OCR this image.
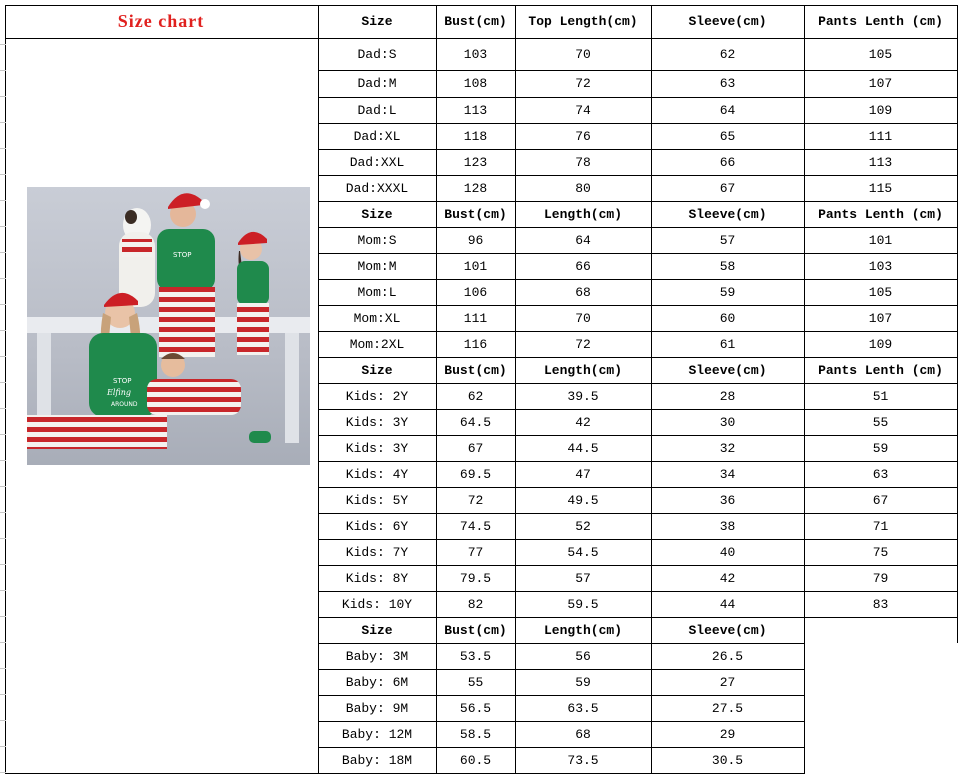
Size chart
STOP
STOP
Elfing
AROUND
Size	Bust(cm)	Top Length(cm)	Sleeve(cm)	Pants Lenth (cm)
Dad:S	103	70	62	105
Dad:M	108	72	63	107
Dad:L	113	74	64	109
Dad:XL	118	76	65	111
Dad:XXL	123	78	66	113
Dad:XXXL	128	80	67	115
Size	Bust(cm)	Length(cm)	Sleeve(cm)	Pants Lenth (cm)
Mom:S	96	64	57	101
Mom:M	101	66	58	103
Mom:L	106	68	59	105
Mom:XL	111	70	60	107
Mom:2XL	116	72	61	109
Size	Bust(cm)	Length(cm)	Sleeve(cm)	Pants Lenth (cm)
Kids: 2Y	62	39.5	28	51
Kids: 3Y	64.5	42	30	55
Kids: 3Y	67	44.5	32	59
Kids: 4Y	69.5	47	34	63
Kids: 5Y	72	49.5	36	67
Kids: 6Y	74.5	52	38	71
Kids: 7Y	77	54.5	40	75
Kids: 8Y	79.5	57	42	79
Kids: 10Y	82	59.5	44	83
Size	Bust(cm)	Length(cm)	Sleeve(cm)
Baby: 3M	53.5	56	26.5
Baby: 6M	55	59	27
Baby: 9M	56.5	63.5	27.5
Baby: 12M	58.5	68	29
Baby: 18M	60.5	73.5	30.5
